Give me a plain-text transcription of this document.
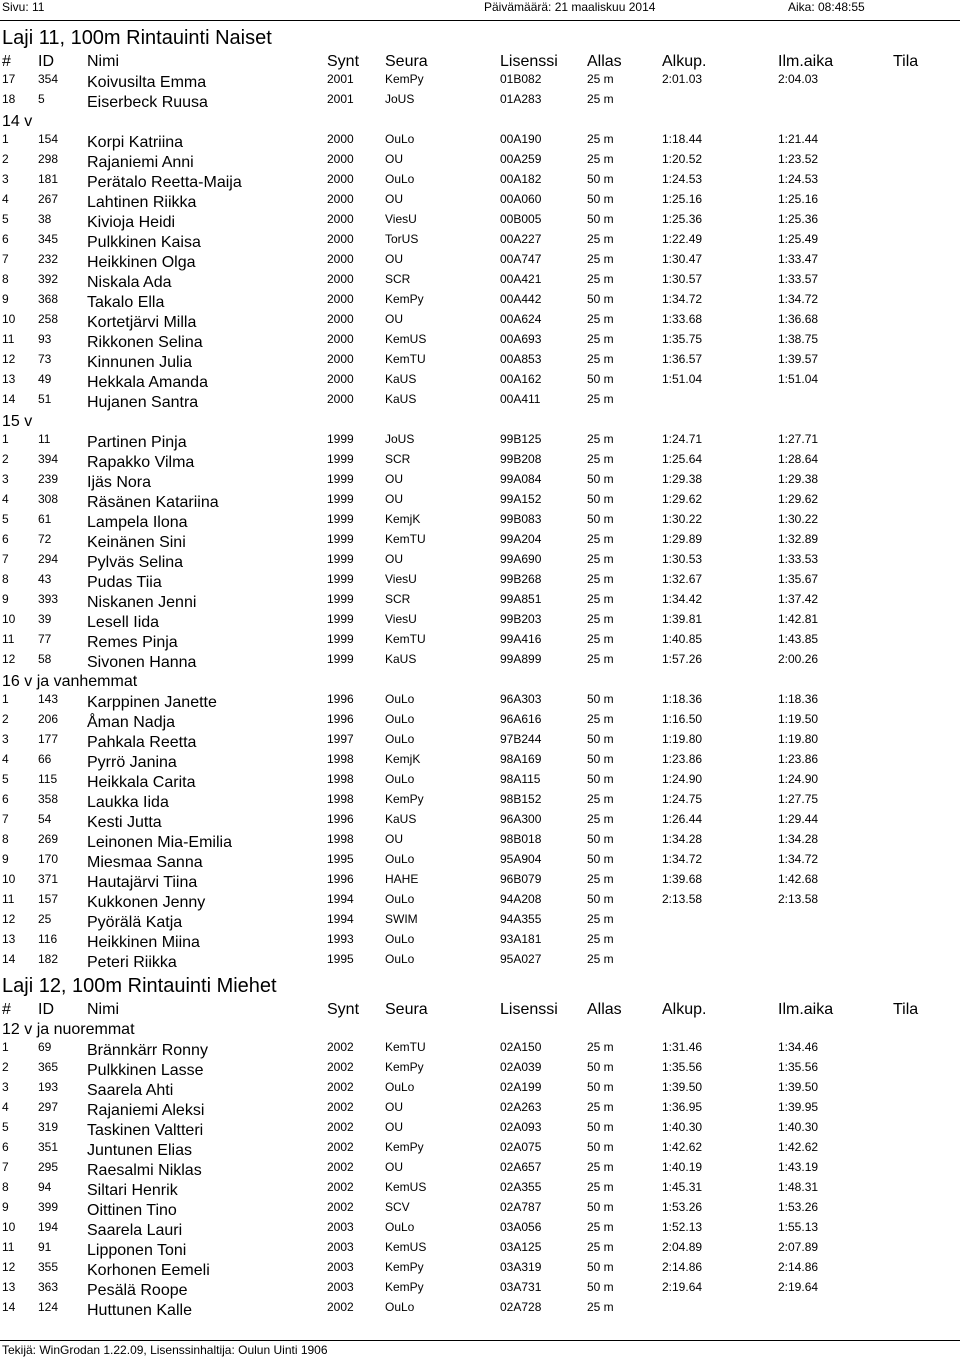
Sivu: 11	Päivämäärä: 21 maaliskuu 2014	Aika: 08:48:55
Laji 11, 100m Rintauinti Naiset
# ID Nimi	Synt Seura	Lisenssi Allas	Alkup.	Ilm.aika	Tila
17 354 Koivusilta Emma	2001	KemPy	01B082	25 m	2:01.03	2:04.03
18 5	Eiserbeck Ruusa	2001	JoUS	01A283	25 m
14 v
1 154 Korpi Katriina	2000	OuLo	00A190	25 m	1:18.44	1:21.44
2 298 Rajaniemi Anni	2000	OU	00A259	25 m	1:20.52	1:23.52
3 181 Perätalo Reetta-Maija	2000	OuLo	00A182	50 m	1:24.53	1:24.53
4 267 Lahtinen Riikka	2000	OU	00A060	50 m	1:25.16	1:25.16
5 38 Kivioja Heidi	2000	ViesU	00B005	50 m	1:25.36	1:25.36
6 345 Pulkkinen Kaisa	2000	TorUS	00A227	25 m	1:22.49	1:25.49
7 232 Heikkinen Olga	2000	OU	00A747	25 m	1:30.47	1:33.47
8 392 Niskala Ada	2000	SCR	00A421	25 m	1:30.57	1:33.57
9 368 Takalo Ella	2000	KemPy	00A442	50 m	1:34.72	1:34.72
10 258 Kortetjärvi Milla	2000	OU	00A624	25 m	1:33.68	1:36.68
11 93 Rikkonen Selina	2000	KemUS	00A693	25 m	1:35.75	1:38.75
12 73 Kinnunen Julia	2000	KemTU	00A853	25 m	1:36.57	1:39.57
13 49 Hekkala Amanda	2000	KaUS	00A162	50 m	1:51.04	1:51.04
14 51 Hujanen Santra	2000	KaUS	00A411	25 m
15 v
1 11 Partinen Pinja	1999	JoUS	99B125	25 m	1:24.71	1:27.71
2 394 Rapakko Vilma	1999	SCR	99B208	25 m	1:25.64	1:28.64
3 239 Ijäs Nora	1999	OU	99A084	50 m	1:29.38	1:29.38
4 308 Räsänen Katariina	1999	OU	99A152	50 m	1:29.62	1:29.62
5 61 Lampela Ilona	1999	KemjK	99B083	50 m	1:30.22	1:30.22
6 72 Keinänen Sini	1999	KemTU	99A204	25 m	1:29.89	1:32.89
7 294 Pylväs Selina	1999	OU	99A690	25 m	1:30.53	1:33.53
8 43 Pudas Tiia	1999	ViesU	99B268	25 m	1:32.67	1:35.67
9 393 Niskanen Jenni	1999	SCR	99A851	25 m	1:34.42	1:37.42
10 39 Lesell Iida	1999	ViesU	99B203	25 m	1:39.81	1:42.81
11 77 Remes Pinja	1999	KemTU	99A416	25 m	1:40.85	1:43.85
12 58 Sivonen Hanna	1999	KaUS	99A899	25 m	1:57.26	2:00.26
16 v ja vanhemmat
1 143 Karppinen Janette	1996	OuLo	96A303	50 m	1:18.36	1:18.36
2 206 Åman Nadja	1996	OuLo	96A616	25 m	1:16.50	1:19.50
3 177 Pahkala Reetta	1997	OuLo	97B244	50 m	1:19.80	1:19.80
4 66 Pyrrö Janina	1998	KemjK	98A169	50 m	1:23.86	1:23.86
5 115 Heikkala Carita	1998	OuLo	98A115	50 m	1:24.90	1:24.90
6 358 Laukka Iida	1998	KemPy	98B152	25 m	1:24.75	1:27.75
7 54 Kesti Jutta	1996	KaUS	96A300	25 m	1:26.44	1:29.44
8 269 Leinonen Mia-Emilia	1998	OU	98B018	50 m	1:34.28	1:34.28
9 170 Miesmaa Sanna	1995	OuLo	95A904	50 m	1:34.72	1:34.72
10 371 Hautajärvi Tiina	1996	HAHE	96B079	25 m	1:39.68	1:42.68
11 157 Kukkonen Jenny	1994	OuLo	94A208	50 m	2:13.58	2:13.58
12 25 Pyörälä Katja	1994	SWIM	94A355	25 m
13 116 Heikkinen Miina	1993	OuLo	93A181	25 m
14 182 Peteri Riikka	1995	OuLo	95A027	25 m
Laji 12, 100m Rintauinti Miehet
# ID Nimi	Synt Seura	Lisenssi Allas	Alkup.	Ilm.aika	Tila
12 v ja nuoremmat
1 69 Brännkärr Ronny	2002	KemTU	02A150	25 m	1:31.46	1:34.46
2 365 Pulkkinen Lasse	2002	KemPy	02A039	50 m	1:35.56	1:35.56
3 193 Saarela Ahti	2002	OuLo	02A199	50 m	1:39.50	1:39.50
4 297 Rajaniemi Aleksi	2002	OU	02A263	25 m	1:36.95	1:39.95
5 319 Taskinen Valtteri	2002	OU	02A093	50 m	1:40.30	1:40.30
6 351 Juntunen Elias	2002	KemPy	02A075	50 m	1:42.62	1:42.62
7 295 Raesalmi Niklas	2002	OU	02A657	25 m	1:40.19	1:43.19
8 94 Siltari Henrik	2002	KemUS	02A355	25 m	1:45.31	1:48.31
9 399 Oittinen Tino	2002	SCV	02A787	50 m	1:53.26	1:53.26
10 194 Saarela Lauri	2003	OuLo	03A056	25 m	1:52.13	1:55.13
11 91 Lipponen Toni	2003	KemUS	03A125	25 m	2:04.89	2:07.89
12 355 Korhonen Eemeli	2003	KemPy	03A319	50 m	2:14.86	2:14.86
13 363 Pesälä Roope	2003	KemPy	03A731	50 m	2:19.64	2:19.64
14 124 Huttunen Kalle	2002	OuLo	02A728	25 m
Tekijä: WinGrodan 1.22.09, Lisenssinhaltija: Oulun Uinti 1906
